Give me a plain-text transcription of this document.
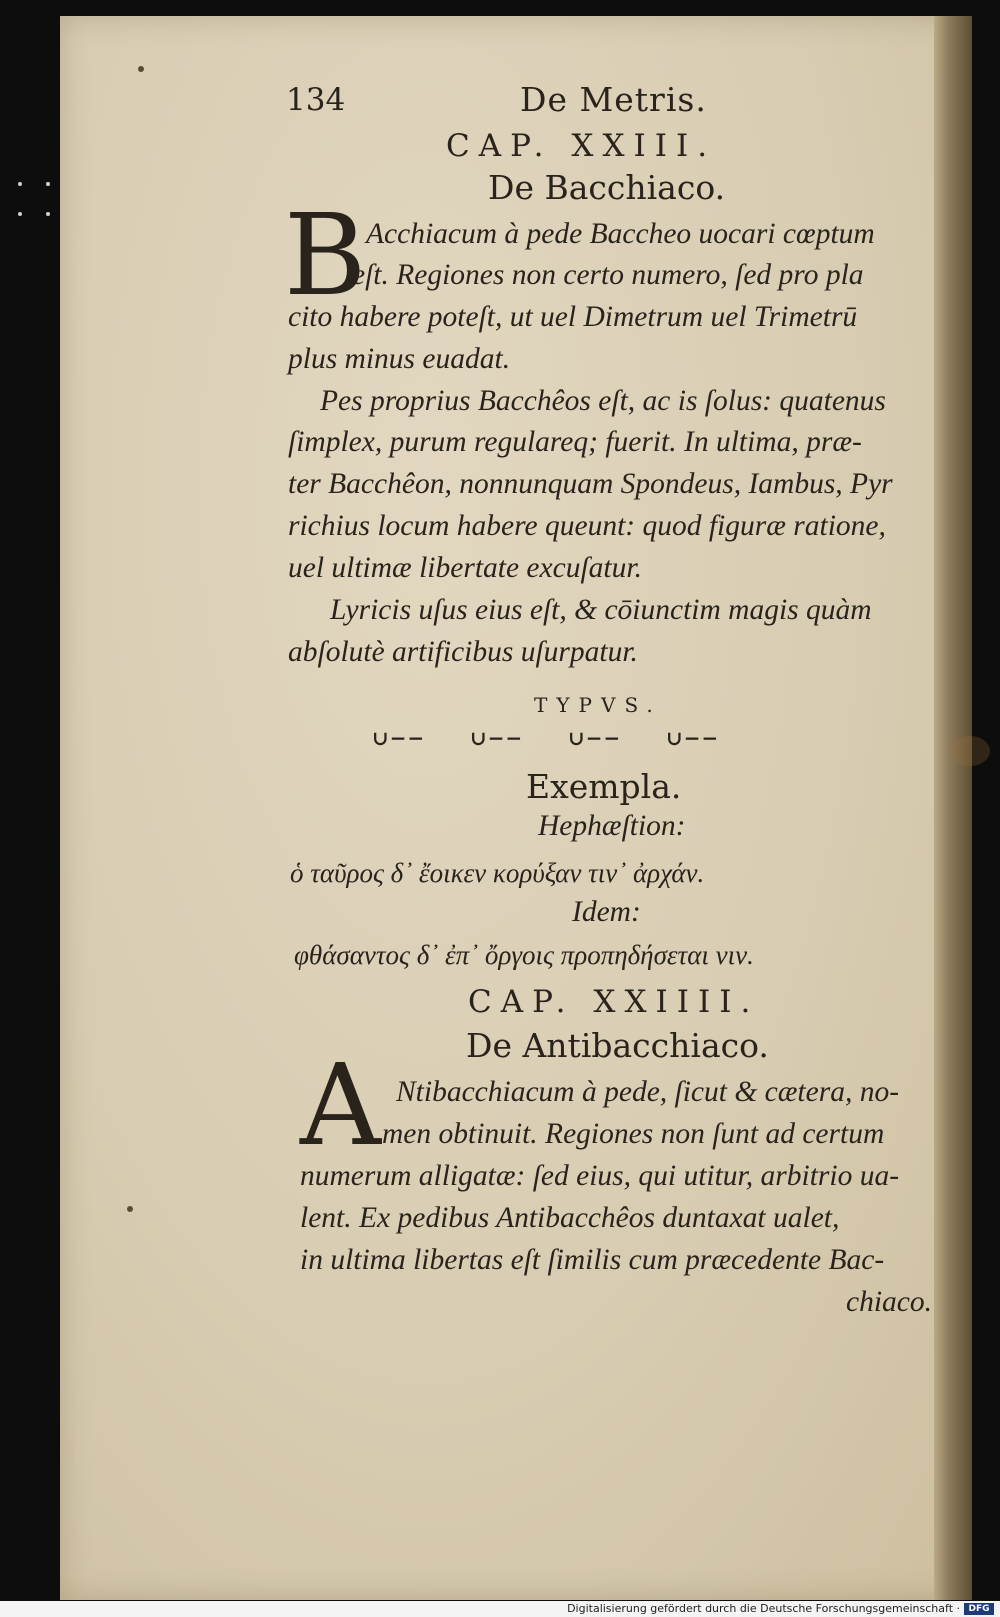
134	De Metris.
CAP. XXIII.
De Bacchiaco.
B Acchiacum à pede Baccheo uocari cœptum
eſt. Regiones non certo numero, ſed pro pla
cito habere poteſt, ut uel Dimetrum uel Trimetrū
plus minus euadat.
Pes proprius Bacchêos eſt, ac is ſolus: quatenus
ſimplex, purum regulareq; fuerit. In ultima, præ-
ter Bacchêon, nonnunquam Spondeus, Iambus, Pyr
richius locum habere queunt: quod figuræ ratione,
uel ultimæ libertate excuſatur.
Lyricis uſus eius eſt, & cōiunctim magis quàm
abſolutè artificibus uſurpatur.
TYPVS.
∪−− ∪−− ∪−− ∪−−
Exempla.
Hephæſtion:
ὁ ταῦρος δ᾽ ἔοικεν κορύξαν τιν᾽ ἀρχάν.
Idem:
φθάσαντος δ᾽ ἐπ᾽ ὄργοις προπηδήσεται νιν.
CAP. XXIIII.
De Antibacchiaco.
A Ntibacchiacum à pede, ſicut & cætera, no-
men obtinuit. Regiones non ſunt ad certum
numerum alligatæ: ſed eius, qui utitur, arbitrio ua-
lent. Ex pedibus Antibacchêos duntaxat ualet,
in ultima libertas eſt ſimilis cum præcedente Bac-
chiaco.
Digitalisierung gefördert durch die Deutsche Forschungsgemeinschaft · DFG
